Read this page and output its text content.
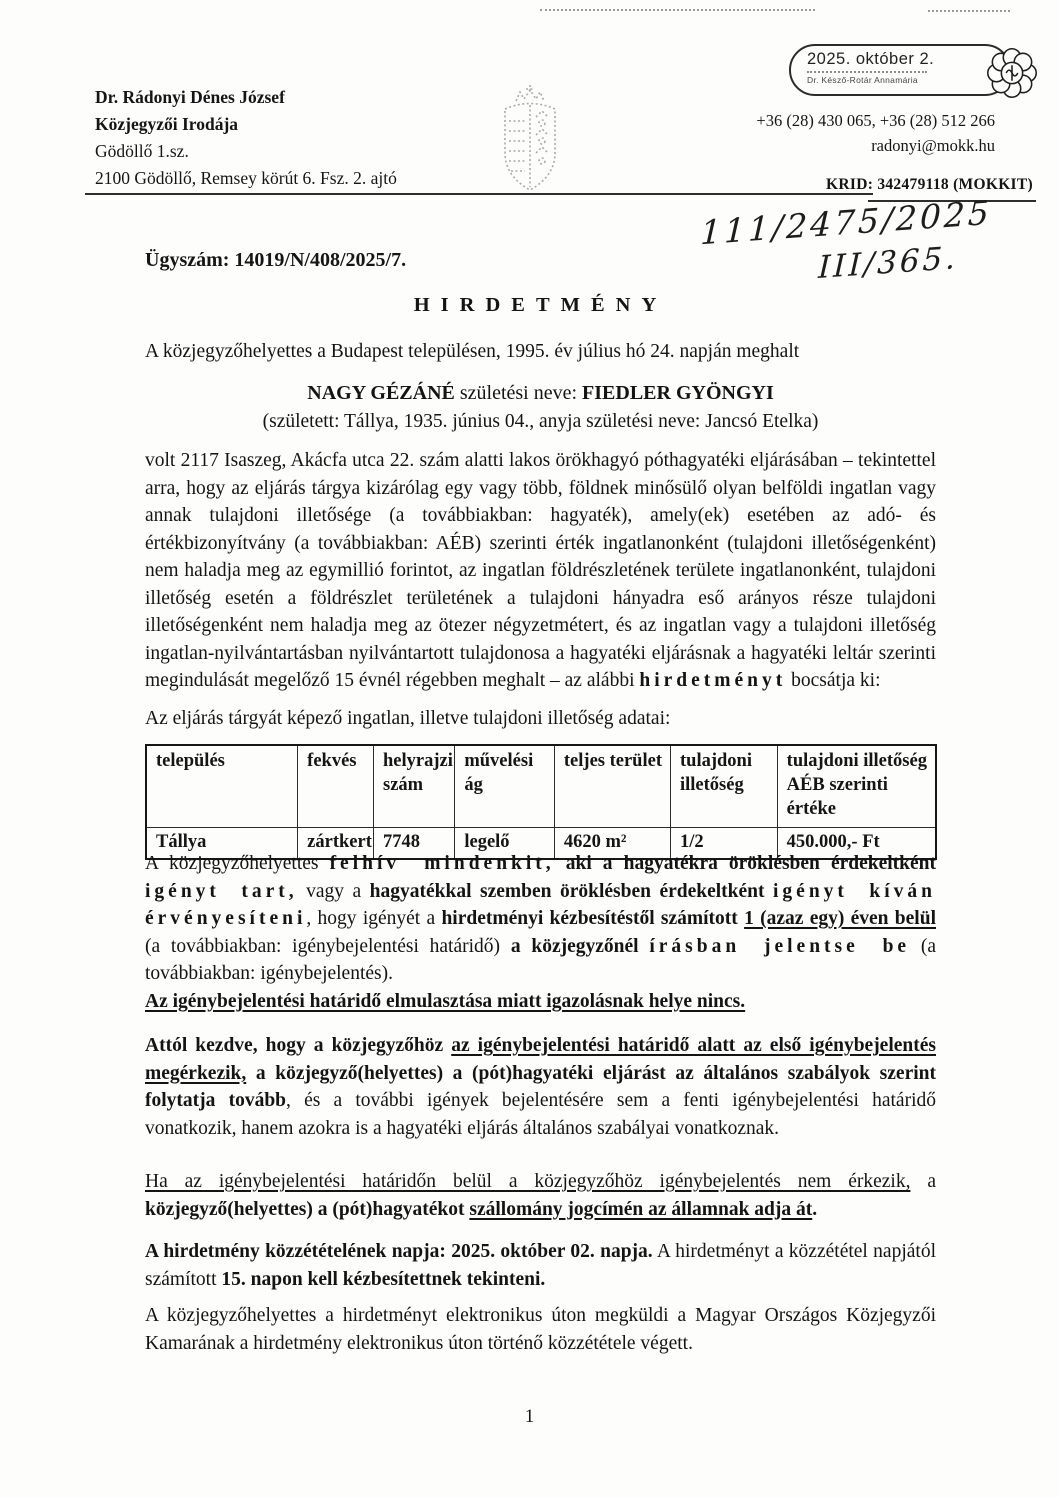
Dr. Rádonyi Dénes József
Közjegyzői Irodája
Gödöllő 1.sz.
2100 Gödöllő, Remsey körút 6. Fsz. 2. ajtó
2025. október 2.
Dr. Késző-Rotár Annamária
+36 (28) 430 065, +36 (28) 512 266
radonyi@mokk.hu
KRID: 342479118 (MOKKIT)
111/2475/2025
III/365.
Ügyszám: 14019/N/408/2025/7.
HIRDETMÉNY
A közjegyzőhelyettes a Budapest településen, 1995. év július hó 24. napján meghalt
NAGY GÉZÁNÉ születési neve: FIEDLER GYÖNGYI
(született: Tállya, 1935. június 04., anyja születési neve: Jancsó Etelka)
volt 2117 Isaszeg, Akácfa utca 22. szám alatti lakos örökhagyó póthagyatéki eljárásában – tekintettel arra, hogy az eljárás tárgya kizárólag egy vagy több, földnek minősülő olyan belföldi ingatlan vagy annak tulajdoni illetősége (a továbbiakban: hagyaték), amely(ek) esetében az adó- és értékbizonyítvány (a továbbiakban: AÉB) szerinti érték ingatlanonként (tulajdoni illetőségenként) nem haladja meg az egymillió forintot, az ingatlan földrészletének területe ingatlanonként, tulajdoni illetőség esetén a földrészlet területének a tulajdoni hányadra eső arányos része tulajdoni illetőségenként nem haladja meg az ötezer négyzetmétert, és az ingatlan vagy a tulajdoni illetőség ingatlan-nyilvántartásban nyilvántartott tulajdonosa a hagyatéki eljárásnak a hagyatéki leltár szerinti megindulását megelőző 15 évnél régebben meghalt – az alábbi hirdetményt bocsátja ki:
Az eljárás tárgyát képező ingatlan, illetve tulajdoni illetőség adatai:
település	fekvés	helyrajzi szám	művelési ág	teljes terület	tulajdoni illetőség	tulajdoni illetőség AÉB szerinti értéke
Tállya	zártkert	7748	legelő	4620 m²	1/2	450.000,- Ft
A közjegyzőhelyettes felhív mindenkit, aki a hagyatékra öröklésben érdekeltként igényt tart, vagy a hagyatékkal szemben öröklésben érdekeltként igényt kíván érvényesíteni, hogy igényét a hirdetményi kézbesítéstől számított 1 (azaz egy) éven belül (a továbbiakban: igénybejelentési határidő) a közjegyzőnél írásban jelentse be (a továbbiakban: igénybejelentés).
Az igénybejelentési határidő elmulasztása miatt igazolásnak helye nincs.
Attól kezdve, hogy a közjegyzőhöz az igénybejelentési határidő alatt az első igénybejelentés megérkezik, a közjegyző(helyettes) a (pót)hagyatéki eljárást az általános szabályok szerint folytatja tovább, és a további igények bejelentésére sem a fenti igénybejelentési határidő vonatkozik, hanem azokra is a hagyatéki eljárás általános szabályai vonatkoznak.
Ha az igénybejelentési határidőn belül a közjegyzőhöz igénybejelentés nem érkezik, a közjegyző(helyettes) a (pót)hagyatékot szállomány jogcímén az államnak adja át.
A hirdetmény közzétételének napja: 2025. október 02. napja. A hirdetményt a közzététel napjától számított 15. napon kell kézbesítettnek tekinteni.
A közjegyzőhelyettes a hirdetményt elektronikus úton megküldi a Magyar Országos Közjegyzői Kamarának a hirdetmény elektronikus úton történő közzététele végett.
1
